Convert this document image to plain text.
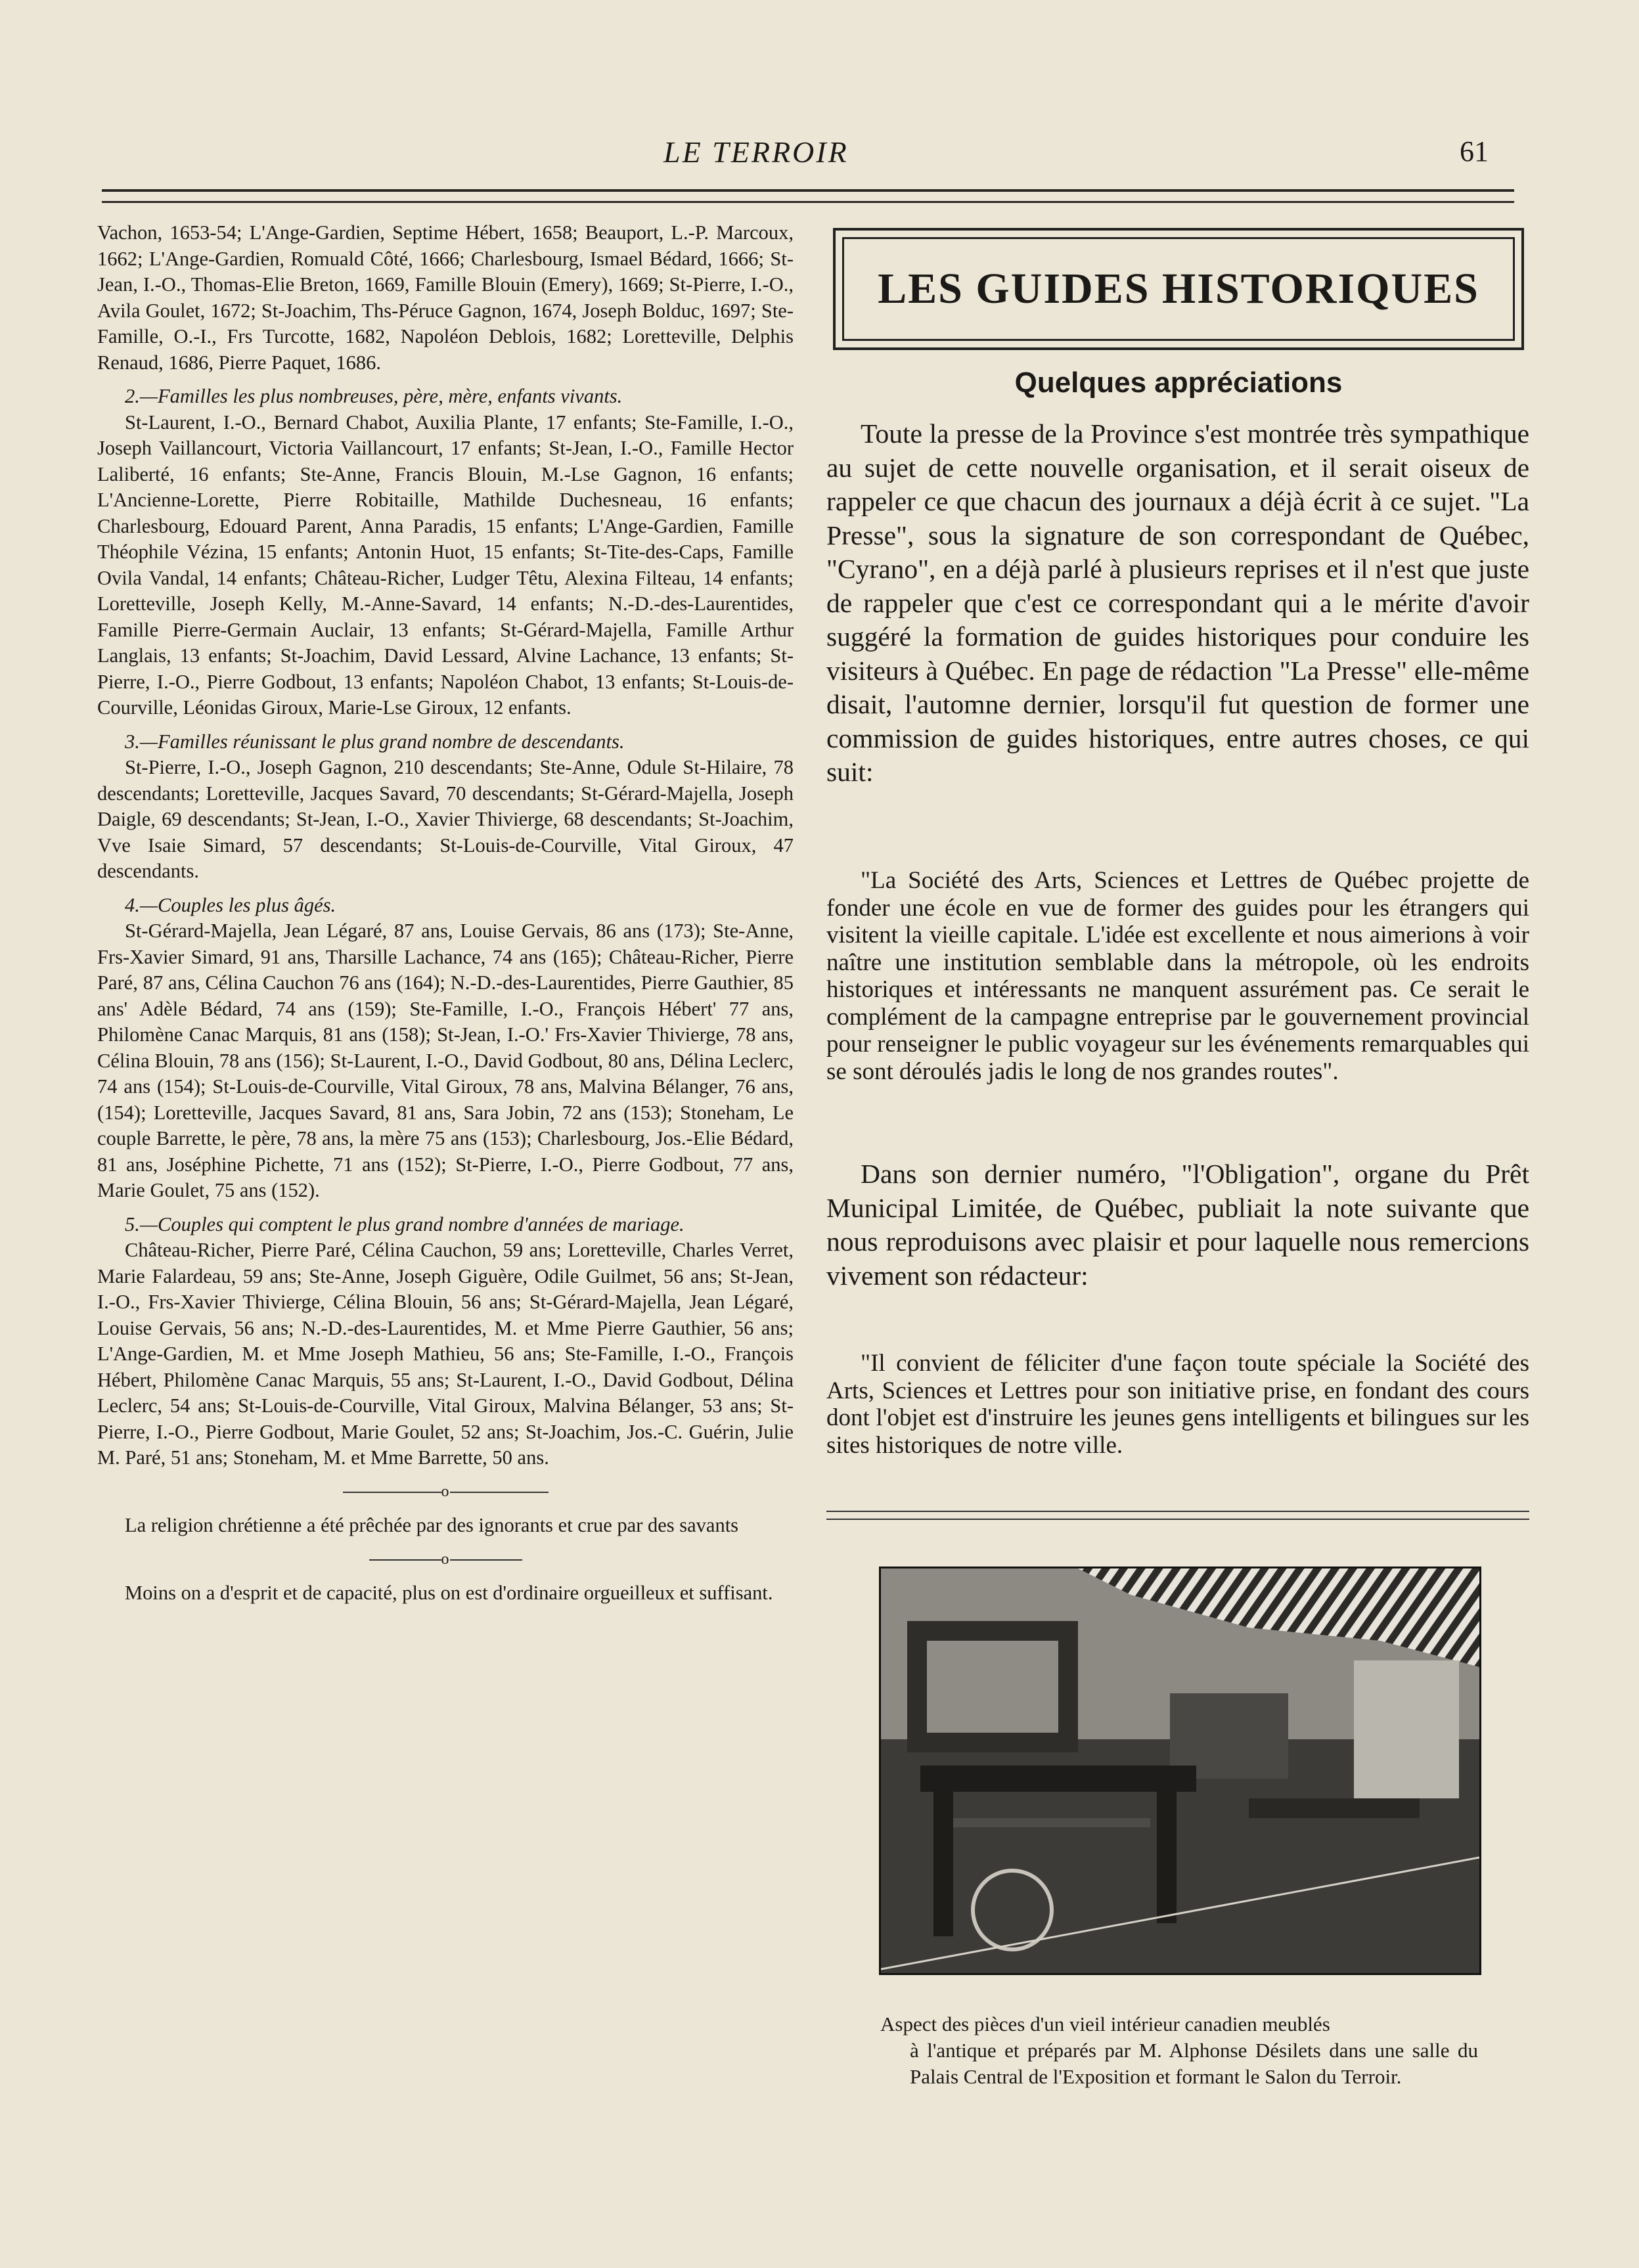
LE TERROIR	61

Vachon, 1653-54; L'Ange-Gardien, Septime Hébert, 1658; Beauport, L.-P. Marcoux, 1662; L'Ange-Gardien, Romuald Côté, 1666; Charlesbourg, Ismael Bédard, 1666; St-Jean, I.-O., Thomas-Elie Breton, 1669, Famille Blouin (Emery), 1669; St-Pierre, I.-O., Avila Goulet, 1672; St-Joachim, Ths-Péruce Gagnon, 1674, Joseph Bolduc, 1697; Ste-Famille, O.-I., Frs Turcotte, 1682, Napoléon Deblois, 1682; Loretteville, Delphis Renaud, 1686, Pierre Paquet, 1686.

2.—Familles les plus nombreuses, père, mère, enfants vivants.

St-Laurent, I.-O., Bernard Chabot, Auxilia Plante, 17 enfants; Ste-Famille, I.-O., Joseph Vaillancourt, Victoria Vaillancourt, 17 enfants; St-Jean, I.-O., Famille Hector Laliberté, 16 enfants; Ste-Anne, Francis Blouin, M.-Lse Gagnon, 16 enfants; L'Ancienne-Lorette, Pierre Robitaille, Mathilde Duchesneau, 16 enfants; Charlesbourg, Edouard Parent, Anna Paradis, 15 enfants; L'Ange-Gardien, Famille Théophile Vézina, 15 enfants; Antonin Huot, 15 enfants; St-Tite-des-Caps, Famille Ovila Vandal, 14 enfants; Château-Richer, Ludger Têtu, Alexina Filteau, 14 enfants; Loretteville, Joseph Kelly, M.-Anne-Savard, 14 enfants; N.-D.-des-Laurentides, Famille Pierre-Germain Auclair, 13 enfants; St-Gérard-Majella, Famille Arthur Langlais, 13 enfants; St-Joachim, David Lessard, Alvine Lachance, 13 enfants; St-Pierre, I.-O., Pierre Godbout, 13 enfants; Napoléon Chabot, 13 enfants; St-Louis-de-Courville, Léonidas Giroux, Marie-Lse Giroux, 12 enfants.

3.—Familles réunissant le plus grand nombre de descendants.

St-Pierre, I.-O., Joseph Gagnon, 210 descendants; Ste-Anne, Odule St-Hilaire, 78 descendants; Loretteville, Jacques Savard, 70 descendants; St-Gérard-Majella, Joseph Daigle, 69 descendants; St-Jean, I.-O., Xavier Thivierge, 68 descendants; St-Joachim, Vve Isaie Simard, 57 descendants; St-Louis-de-Courville, Vital Giroux, 47 descendants.

4.—Couples les plus âgés.

St-Gérard-Majella, Jean Légaré, 87 ans, Louise Gervais, 86 ans (173); Ste-Anne, Frs-Xavier Simard, 91 ans, Tharsille Lachance, 74 ans (165); Château-Richer, Pierre Paré, 87 ans, Célina Cauchon 76 ans (164); N.-D.-des-Laurentides, Pierre Gauthier, 85 ans' Adèle Bédard, 74 ans (159); Ste-Famille, I.-O., François Hébert' 77 ans, Philomène Canac Marquis, 81 ans (158); St-Jean, I.-O.' Frs-Xavier Thivierge, 78 ans, Célina Blouin, 78 ans (156); St-Laurent, I.-O., David Godbout, 80 ans, Délina Leclerc, 74 ans (154); St-Louis-de-Courville, Vital Giroux, 78 ans, Malvina Bélanger, 76 ans, (154); Loretteville, Jacques Savard, 81 ans, Sara Jobin, 72 ans (153); Stoneham, Le couple Barrette, le père, 78 ans, la mère 75 ans (153); Charlesbourg, Jos.-Elie Bédard, 81 ans, Joséphine Pichette, 71 ans (152); St-Pierre, I.-O., Pierre Godbout, 77 ans, Marie Goulet, 75 ans (152).

5.—Couples qui comptent le plus grand nombre d'années de mariage.

Château-Richer, Pierre Paré, Célina Cauchon, 59 ans; Loretteville, Charles Verret, Marie Falardeau, 59 ans; Ste-Anne, Joseph Giguère, Odile Guilmet, 56 ans; St-Jean, I.-O., Frs-Xavier Thivierge, Célina Blouin, 56 ans; St-Gérard-Majella, Jean Légaré, Louise Gervais, 56 ans; N.-D.-des-Laurentides, M. et Mme Pierre Gauthier, 56 ans; L'Ange-Gardien, M. et Mme Joseph Mathieu, 56 ans; Ste-Famille, I.-O., François Hébert, Philomène Canac Marquis, 55 ans; St-Laurent, I.-O., David Godbout, Délina Leclerc, 54 ans; St-Louis-de-Courville, Vital Giroux, Malvina Bélanger, 53 ans; St-Pierre, I.-O., Pierre Godbout, Marie Goulet, 52 ans; St-Joachim, Jos.-C. Guérin, Julie M. Paré, 51 ans; Stoneham, M. et Mme Barrette, 50 ans.

o

La religion chrétienne a été prêchée par des ignorants et crue par des savants

o

Moins on a d'esprit et de capacité, plus on est d'ordinaire orgueilleux et suffisant.

LES GUIDES HISTORIQUES
Quelques appréciations

Toute la presse de la Province s'est montrée très sympathique au sujet de cette nouvelle organisation, et il serait oiseux de rappeler ce que chacun des journaux a déjà écrit à ce sujet. "La Presse", sous la signature de son correspondant de Québec, "Cyrano", en a déjà parlé à plusieurs reprises et il n'est que juste de rappeler que c'est ce correspondant qui a le mérite d'avoir suggéré la formation de guides historiques pour conduire les visiteurs à Québec. En page de rédaction "La Presse" elle-même disait, l'automne dernier, lorsqu'il fut question de former une commission de guides historiques, entre autres choses, ce qui suit:

"La Société des Arts, Sciences et Lettres de Québec projette de fonder une école en vue de former des guides pour les étrangers qui visitent la vieille capitale. L'idée est excellente et nous aimerions à voir naître une institution semblable dans la métropole, où les endroits historiques et intéressants ne manquent assurément pas. Ce serait le complément de la campagne entreprise par le gouvernement provincial pour renseigner le public voyageur sur les événements remarquables qui se sont déroulés jadis le long de nos grandes routes".

Dans son dernier numéro, "l'Obligation", organe du Prêt Municipal Limitée, de Québec, publiait la note suivante que nous reproduisons avec plaisir et pour laquelle nous remercions vivement son rédacteur:

"Il convient de féliciter d'une façon toute spéciale la Société des Arts, Sciences et Lettres pour son initiative prise, en fondant des cours dont l'objet est d'instruire les jeunes gens intelligents et bilingues sur les sites historiques de notre ville.

Aspect des pièces d'un vieil intérieur canadien meublés
à l'antique et préparés par M. Alphonse Désilets dans une salle du Palais Central de l'Exposition et formant le Salon du Terroir.
